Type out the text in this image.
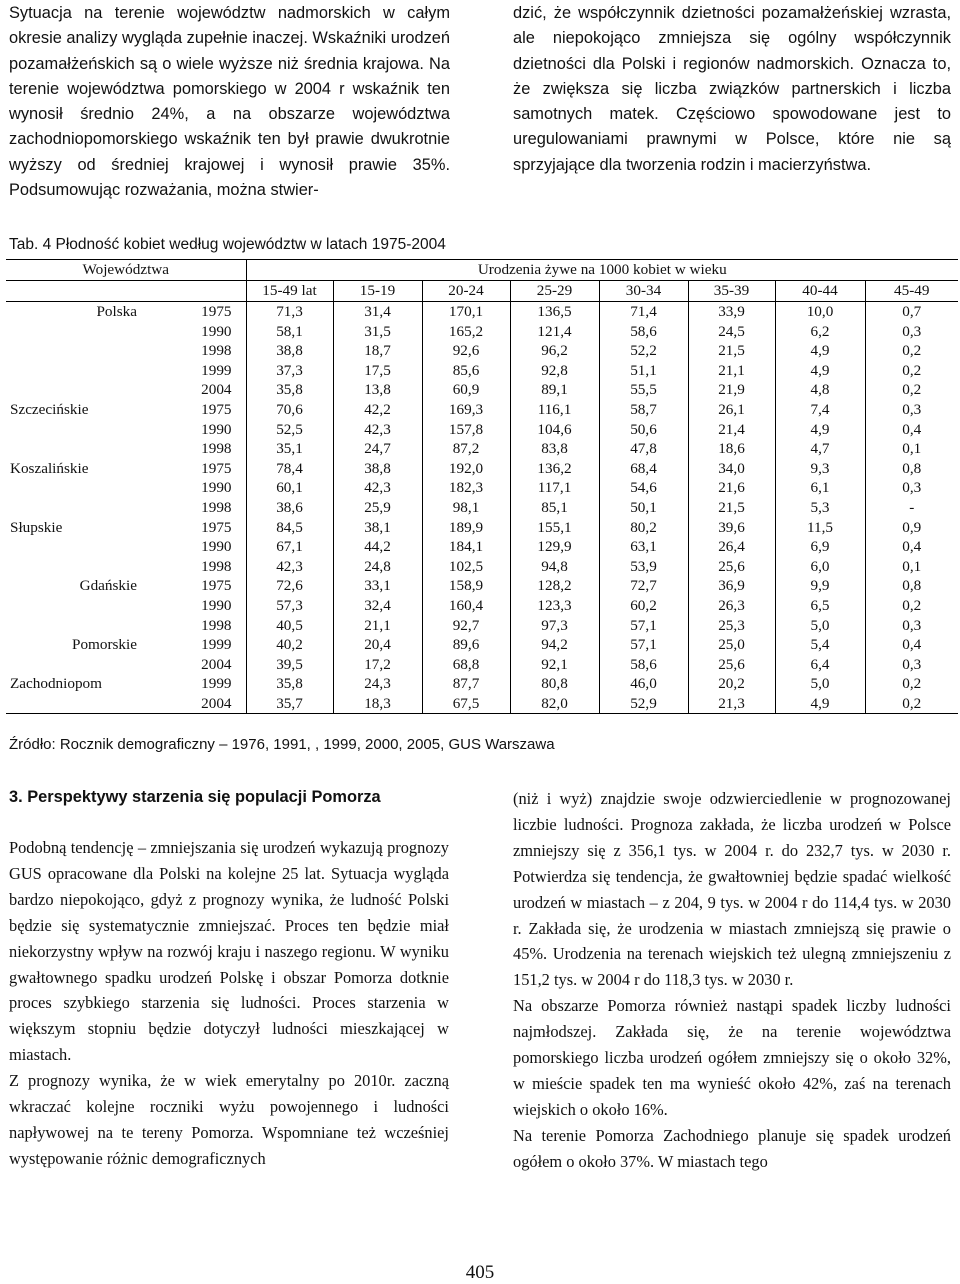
Sytuacja na terenie województw nadmorskich w całym okresie analizy wygląda zupełnie inaczej. Wskaźniki urodzeń pozamałżeńskich są o wiele wyższe niż średnia krajowa. Na terenie województwa pomorskiego w 2004 r wskaźnik ten wynosił średnio 24%, a na obszarze województwa zachodniopomorskiego wskaźnik ten był prawie dwukrotnie wyższy od średniej krajowej i wynosił prawie 35%. Podsumowując rozważania, można stwier-

dzić, że współczynnik dzietności pozamałżeńskiej wzrasta, ale niepokojąco zmniejsza się ogólny współczynnik dzietności dla Polski i regionów nadmorskich. Oznacza to, że zwiększa się liczba związków partnerskich i liczba samotnych matek. Częściowo spowodowane jest to uregulowaniami prawnymi w Polsce, które nie są sprzyjające dla tworzenia rodzin i macierzyństwa.

Tab. 4 Płodność kobiet według województw w latach 1975-2004
Województwa		Urodzenia żywe na 1000 kobiet w wieku							
		15-49 lat	15-19	20-24	25-29	30-34	35-39	40-44	45-49
Polska	1975	71,3	31,4	170,1	136,5	71,4	33,9	10,0	0,7
	1990	58,1	31,5	165,2	121,4	58,6	24,5	6,2	0,3
	1998	38,8	18,7	92,6	96,2	52,2	21,5	4,9	0,2
	1999	37,3	17,5	85,6	92,8	51,1	21,1	4,9	0,2
	2004	35,8	13,8	60,9	89,1	55,5	21,9	4,8	0,2
Szczecińskie	1975	70,6	42,2	169,3	116,1	58,7	26,1	7,4	0,3
	1990	52,5	42,3	157,8	104,6	50,6	21,4	4,9	0,4
	1998	35,1	24,7	87,2	83,8	47,8	18,6	4,7	0,1
Koszalińskie	1975	78,4	38,8	192,0	136,2	68,4	34,0	9,3	0,8
	1990	60,1	42,3	182,3	117,1	54,6	21,6	6,1	0,3
	1998	38,6	25,9	98,1	85,1	50,1	21,5	5,3	-
Słupskie	1975	84,5	38,1	189,9	155,1	80,2	39,6	11,5	0,9
	1990	67,1	44,2	184,1	129,9	63,1	26,4	6,9	0,4
	1998	42,3	24,8	102,5	94,8	53,9	25,6	6,0	0,1
Gdańskie	1975	72,6	33,1	158,9	128,2	72,7	36,9	9,9	0,8
	1990	57,3	32,4	160,4	123,3	60,2	26,3	6,5	0,2
	1998	40,5	21,1	92,7	97,3	57,1	25,3	5,0	0,3
Pomorskie	1999	40,2	20,4	89,6	94,2	57,1	25,0	5,4	0,4
	2004	39,5	17,2	68,8	92,1	58,6	25,6	6,4	0,3
Zachodniopom	1999	35,8	24,3	87,7	80,8	46,0	20,2	5,0	0,2
	2004	35,7	18,3	67,5	82,0	52,9	21,3	4,9	0,2
Źródło: Rocznik demograficzny – 1976, 1991, , 1999, 2000, 2005, GUS Warszawa
3. Perspektywy starzenia się populacji Pomorza

Podobną tendencję – zmniejszania się urodzeń wykazują prognozy GUS opracowane dla Polski na kolejne 25 lat. Sytuacja wygląda bardzo niepokojąco, gdyż z prognozy wynika, że ludność Polski będzie się systematycznie zmniejszać. Proces ten będzie miał niekorzystny wpływ na rozwój kraju i naszego regionu. W wyniku gwałtownego spadku urodzeń Polskę i obszar Pomorza dotknie proces szybkiego starzenia się ludności. Proces starzenia w większym stopniu będzie dotyczył ludności mieszkającej w miastach.

Z prognozy wynika, że w wiek emerytalny po 2010r. zaczną wkraczać kolejne roczniki wyżu powojennego i ludności napływowej na te tereny Pomorza. Wspomniane też wcześniej występowanie różnic demograficznych

(niż i wyż) znajdzie swoje odzwierciedlenie w prognozowanej liczbie ludności. Prognoza zakłada, że liczba urodzeń w Polsce zmniejszy się z 356,1 tys. w 2004 r. do 232,7 tys. w 2030 r. Potwierdza się tendencja, że gwałtowniej będzie spadać wielkość urodzeń w miastach – z 204, 9 tys. w 2004 r do 114,4 tys. w 2030 r. Zakłada się, że urodzenia w miastach zmniejszą się prawie o 45%. Urodzenia na terenach wiejskich też ulegną zmniejszeniu z 151,2 tys. w 2004 r do 118,3 tys. w 2030 r.

Na obszarze Pomorza również nastąpi spadek liczby ludności najmłodszej. Zakłada się, że na terenie województwa pomorskiego liczba urodzeń ogółem zmniejszy się o około 32%, w mieście spadek ten ma wynieść około 42%, zaś na terenach wiejskich o około 16%.

Na terenie Pomorza Zachodniego planuje się spadek urodzeń ogółem o około 37%. W miastach tego

405
